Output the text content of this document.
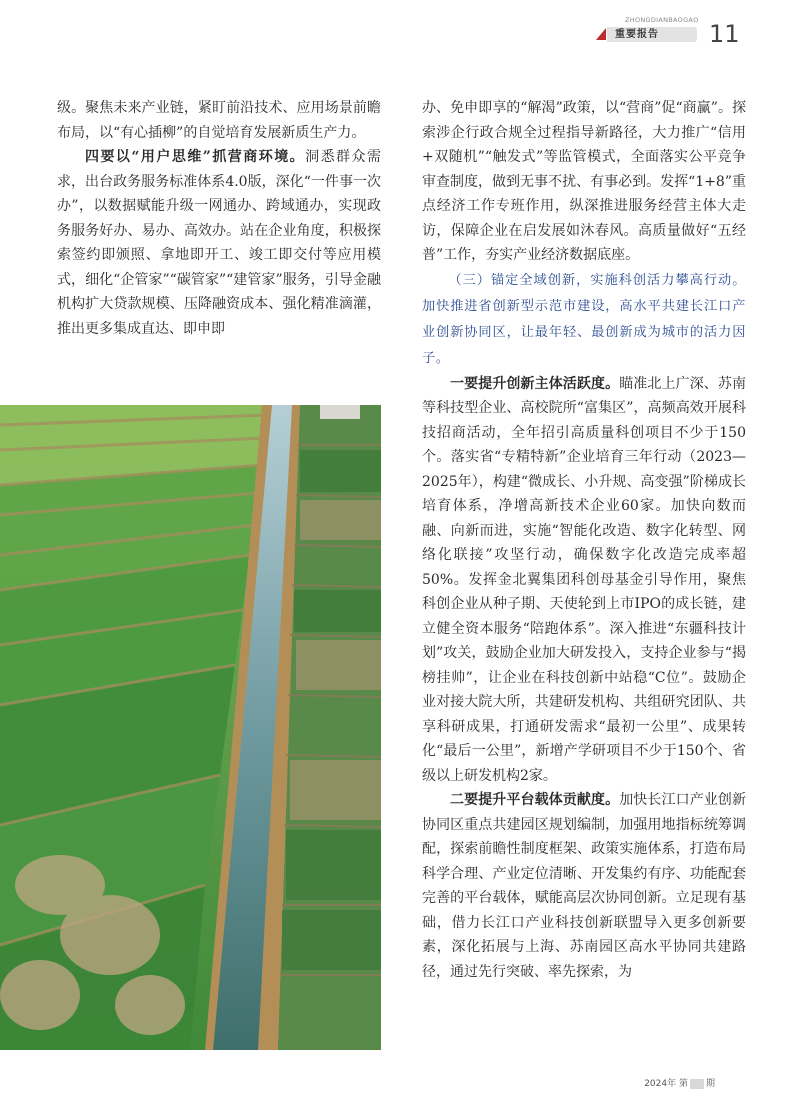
ZHONGDIANBAOGAO
重要报告	11

级。聚焦未来产业链，紧盯前沿技术、应用场景前瞻布局，以“有心插柳”的自觉培育发展新质生产力。

四要以“用户思维”抓营商环境。洞悉群众需求，出台政务服务标准体系4.0版，深化“一件事一次办”，以数据赋能升级一网通办、跨域通办，实现政务服务好办、易办、高效办。站在企业角度，积极探索签约即颁照、拿地即开工、竣工即交付等应用模式，细化“企管家”“碳管家”“建管家”服务，引导金融机构扩大贷款规模、压降融资成本、强化精准滴灌，推出更多集成直达、即申即

办、免申即享的“解渴”政策，以“营商”促“商赢”。探索涉企行政合规全过程指导新路径，大力推广“信用+双随机”“触发式”等监管模式，全面落实公平竞争审查制度，做到无事不扰、有事必到。发挥“1+8”重点经济工作专班作用，纵深推进服务经营主体大走访，保障企业在启发展如沐春风。高质量做好“五经普”工作，夯实产业经济数据底座。

（三）锚定全域创新，实施科创活力攀高行动。加快推进省创新型示范市建设，高水平共建长江口产业创新协同区，让最年轻、最创新成为城市的活力因子。

一要提升创新主体活跃度。瞄准北上广深、苏南等科技型企业、高校院所“富集区”，高频高效开展科技招商活动，全年招引高质量科创项目不少于150个。落实省“专精特新”企业培育三年行动（2023—2025年），构建“微成长、小升规、高变强”阶梯成长培育体系，净增高新技术企业60家。加快向数而融、向新而进，实施“智能化改造、数字化转型、网络化联接”攻坚行动，确保数字化改造完成率超50%。发挥金北翼集团科创母基金引导作用，聚焦科创企业从种子期、天使轮到上市IPO的成长链，建立健全资本服务“陪跑体系”。深入推进“东疆科技计划”攻关，鼓励企业加大研发投入，支持企业参与“揭榜挂帅”，让企业在科技创新中站稳“C位”。鼓励企业对接大院大所，共建研发机构、共组研究团队、共享科研成果，打通研发需求“最初一公里”、成果转化“最后一公里”，新增产学研项目不少于150个、省级以上研发机构2家。

二要提升平台载体贡献度。加快长江口产业创新协同区重点共建园区规划编制，加强用地指标统筹调配，探索前瞻性制度框架、政策实施体系，打造布局科学合理、产业定位清晰、开发集约有序、功能配套完善的平台载体，赋能高层次协同创新。立足现有基础，借力长江口产业科技创新联盟导入更多创新要素，深化拓展与上海、苏南园区高水平协同共建路径，通过先行突破、率先探索，为

2024年 第 期
